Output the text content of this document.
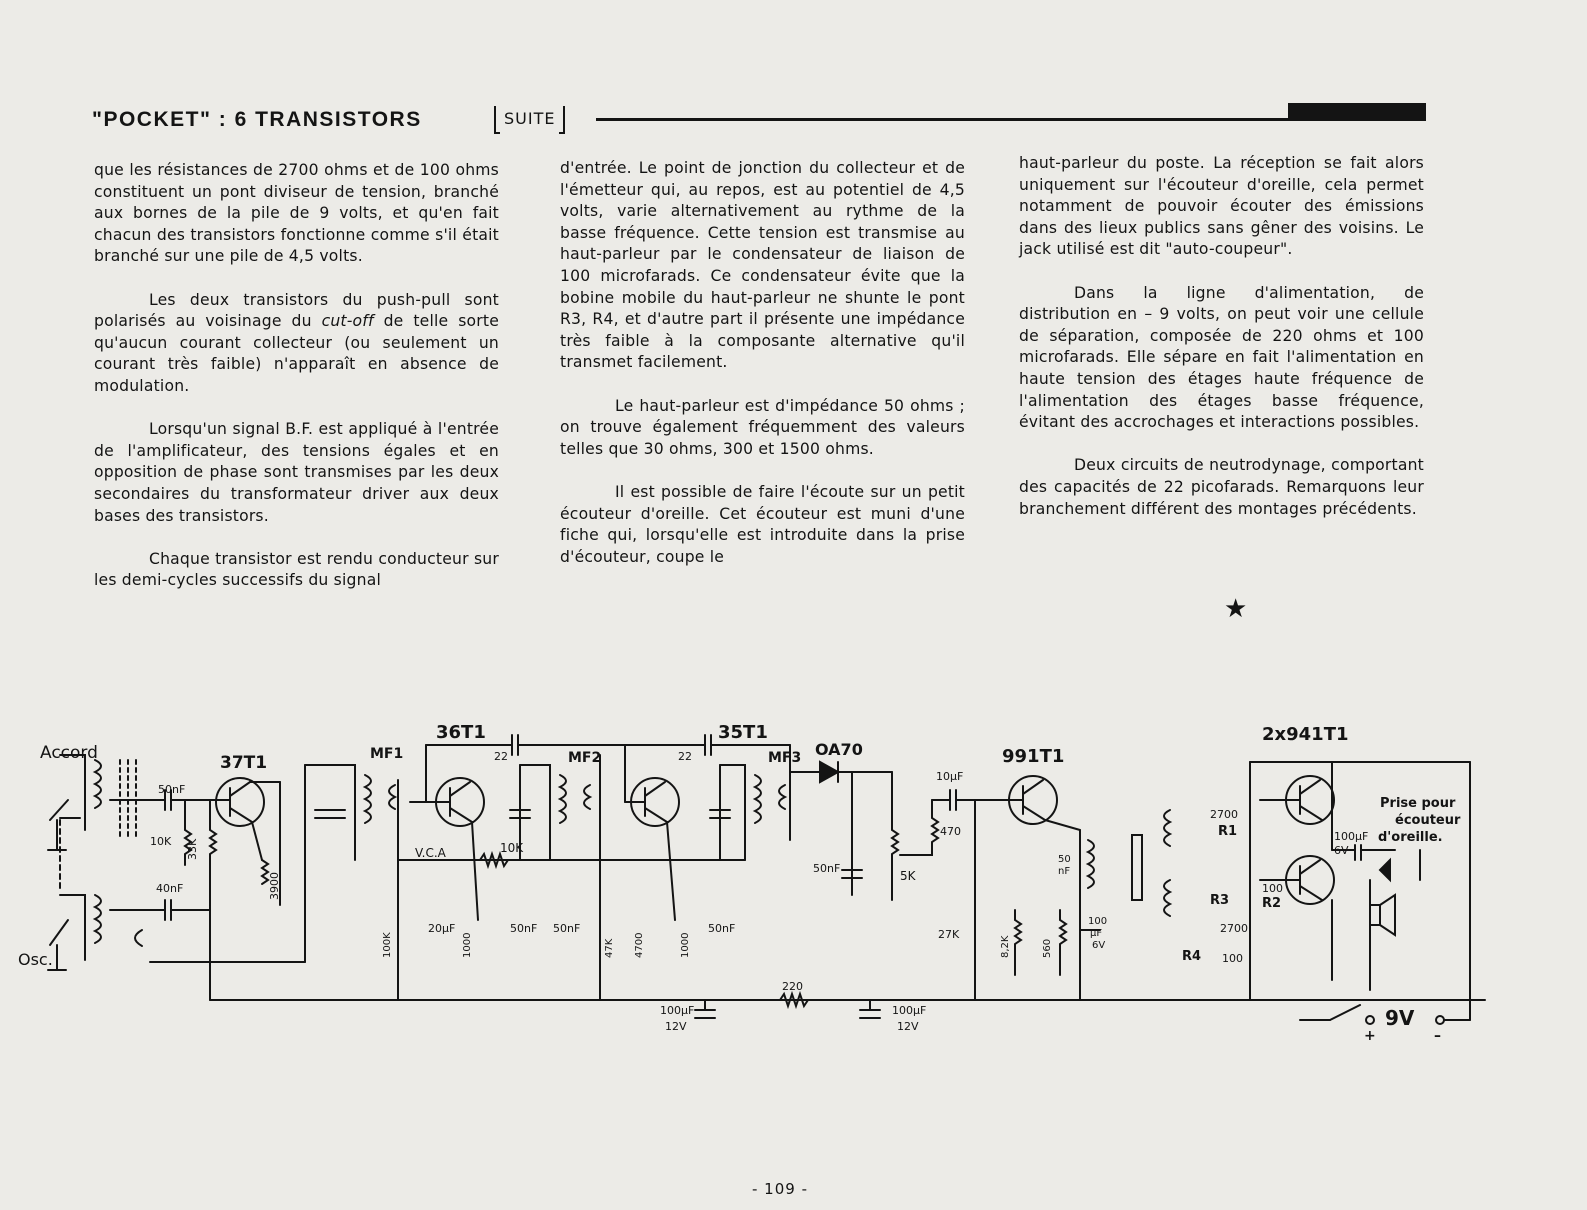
"POCKET" : 6 TRANSISTORS	SUITE

que les résistances de 2700 ohms et de 100 ohms constituent un pont diviseur de tension, branché aux bornes de la pile de 9 volts, et qu'en fait chacun des transistors fonctionne comme s'il était branché sur une pile de 4,5 volts.

Les deux transistors du push-pull sont polarisés au voisinage du cut-off de telle sorte qu'aucun courant collecteur (ou seulement un courant très faible) n'apparaît en absence de modulation.

Lorsqu'un signal B.F. est appliqué à l'entrée de l'amplificateur, des tensions égales et en opposition de phase sont transmises par les deux secondaires du transformateur driver aux deux bases des transistors.

Chaque transistor est rendu conducteur sur les demi-cycles successifs du signal

d'entrée. Le point de jonction du collecteur et de l'émetteur qui, au repos, est au potentiel de 4,5 volts, varie alternativement au rythme de la basse fréquence. Cette tension est transmise au haut-parleur par le condensateur de liaison de 100 microfarads. Ce condensateur évite que la bobine mobile du haut-parleur ne shunte le pont R3, R4, et d'autre part il présente une impédance très faible à la composante alternative qu'il transmet facilement.

Le haut-parleur est d'impédance 50 ohms ; on trouve également fréquemment des valeurs telles que 30 ohms, 300 et 1500 ohms.

Il est possible de faire l'écoute sur un petit écouteur d'oreille. Cet écouteur est muni d'une fiche qui, lorsqu'elle est introduite dans la prise d'écouteur, coupe le

haut-parleur du poste. La réception se fait alors uniquement sur l'écouteur d'oreille, cela permet notamment de pouvoir écouter des émissions dans des lieux publics sans gêner des voisins. Le jack utilisé est dit "auto-coupeur".

Dans la ligne d'alimentation, de distribution en – 9 volts, on peut voir une cellule de séparation, composée de 220 ohms et 100 microfarads. Elle sépare en fait l'alimentation en haute tension des étages haute fréquence de l'alimentation des étages basse fréquence, évitant des accrochages et interactions possibles.

Deux circuits de neutrodynage, comportant des capacités de 22 picofarads. Remarquons leur branchement différent des montages précédents.

★
Accord
Osc.
37T1
36T1	35T1
991T1
2x941T1
MF1	MF2	MF3 OA70
50nF
40nF
10K 33K
3900
22	22
V.C.A	10K
100K
20μF
1000
50nF 50nF
47K 4700	1000
50nF
50nF
10μF
470
5K
27K
8,2K	560
50
nF
100
μF
6V
220
100μF
12V
100μF
12V
2700
R1
100
R2
R3
2700
R4 100
100μF
6V
Prise pour
écouteur
d'oreille.
9V
+	–
- 109 -
